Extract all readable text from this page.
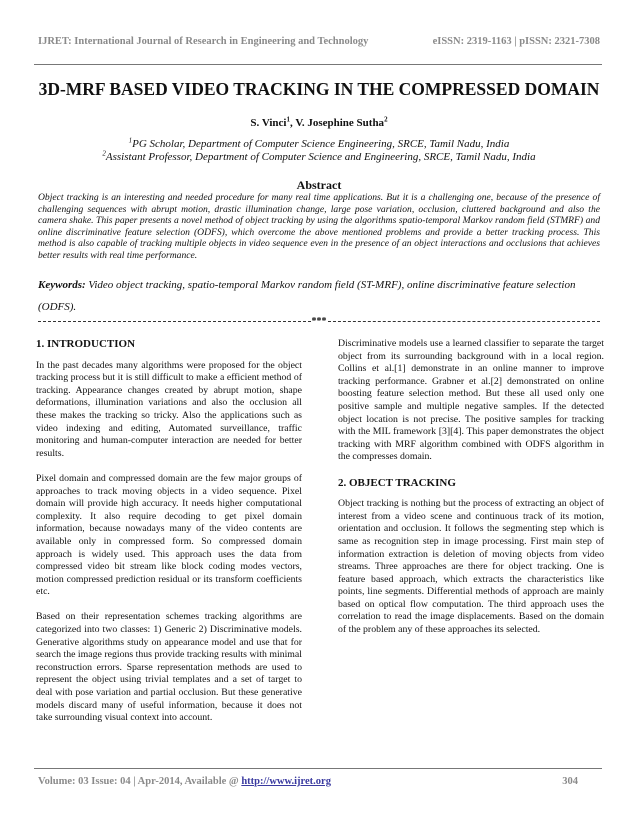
IJRET: International Journal of Research in Engineering and Technology	eISSN: 2319-1163 | pISSN: 2321-7308
3D-MRF BASED VIDEO TRACKING IN THE COMPRESSED DOMAIN
S. Vinci$^1$, V. Josephine Sutha$^2$
$^1$PG Scholar, Department of Computer Science Engineering, SRCE, Tamil Nadu, India
$^2$Assistant Professor, Department of Computer Science and Engineering, SRCE, Tamil Nadu, India
Abstract
Object tracking is an interesting and needed procedure for many real time applications. But it is a challenging one, because of the presence of challenging sequences with abrupt motion, drastic illumination change, large pose variation, occlusion, cluttered background and also the camera shake. This paper presents a novel method of object tracking by using the algorithms spatio-temporal Markov random field (STMRF) and online discriminative feature selection (ODFS), which overcome the above mentioned problems and provide a better tracking process. This method is also capable of tracking multiple objects in video sequence even in the presence of an object interactions and occlusions that achieves better results with real time performance.
Keywords: Video object tracking, spatio-temporal Markov random field (ST-MRF), online discriminative feature selection (ODFS).
***
1. INTRODUCTION

In the past decades many algorithms were proposed for the object tracking process but it is still difficult to make a efficient method of tracking. Appearance changes created by abrupt motion, shape deformations, illumination variations and also the occlusion all these makes the tracking so tricky. Also the applications such as video indexing and editing, Automated surveillance, traffic monitoring and human-computer interaction are needed for better results.

Pixel domain and compressed domain are the few major groups of approaches to track moving objects in a video sequence. Pixel domain will provide high accuracy. It needs higher computational complexity. It also require decoding to get pixel domain information, because nowadays many of the video contents are available only in compressed form. So compressed domain approach is widely used. This approach uses the data from compressed video bit stream like block coding modes vectors, motion compressed prediction residual or its transform coefficients etc.

Based on their representation schemes tracking algorithms are categorized into two classes: 1) Generic 2) Discriminative models. Generative algorithms study on appearance model and use that for search the image regions thus provide tracking results with minimal reconstruction errors. Sparse representation methods are used to represent the object using trivial templates and a set of target to deal with pose variation and partial occlusion. But these generative models discard many of useful information, because it does not take surrounding visual context into account.

Discriminative models use a learned classifier to separate the target object from its surrounding background with in a local region. Collins et al.[1] demonstrate in an online manner to improve tracking performance. Grabner et al.[2] demonstrated on online boosting feature selection method. But these all used only one positive sample and multiple negative samples. If the detected object location is not precise. The positive samples for tracking with the MIL framework [3][4]. This paper demonstrates the object tracking with MRF algorithm combined with ODFS algorithm in the compresses domain.

2. OBJECT TRACKING

Object tracking is nothing but the process of extracting an object of interest from a video scene and continuous track of its motion, orientation and occlusion. It follows the segmenting step which is same as recognition step in image processing. First main step of information extraction is deletion of moving objects from video streams. Three approaches are there for object tracking. One is feature based approach, which extracts the characteristics like points, line segments. Differential methods of approach are mainly based on optical flow computation. The third approach uses the correlation to read the image displacements. Based on the domain of the problem any of these approaches its selected.

Volume: 03 Issue: 04 | Apr-2014, Available @ http://www.ijret.org	304
